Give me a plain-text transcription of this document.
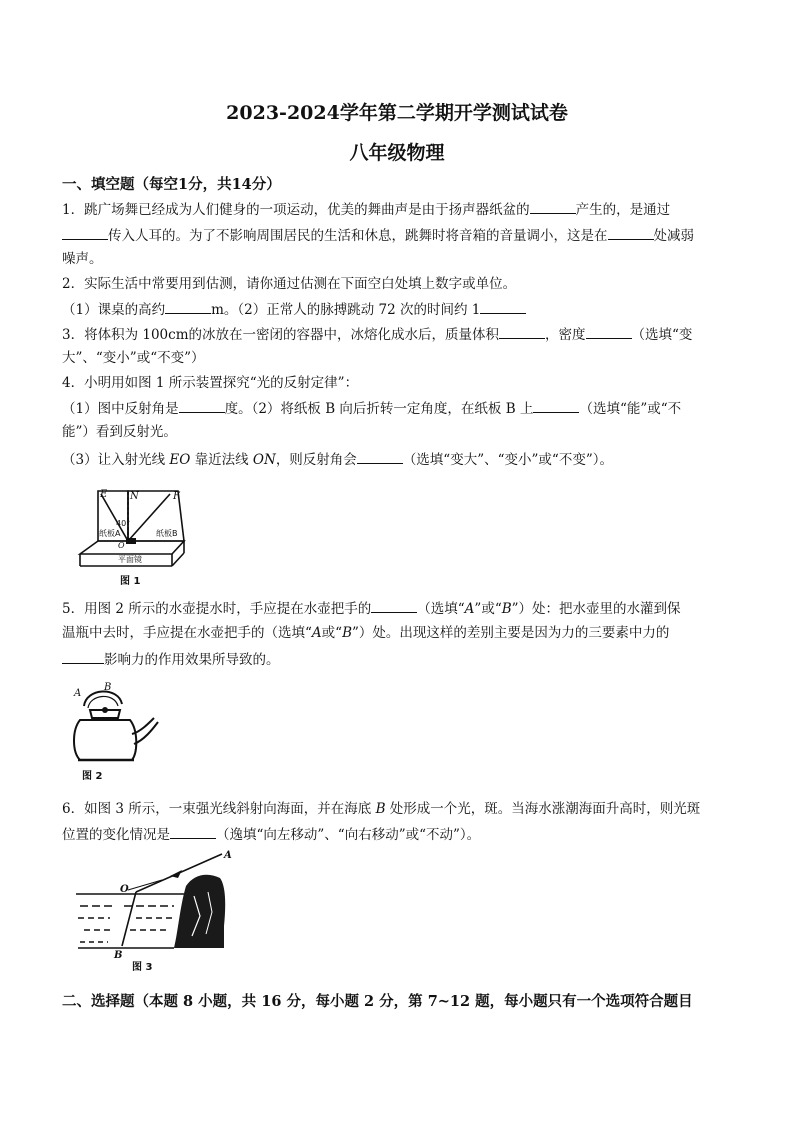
2023-2024学年第二学期开学测试试卷
八年级物理
一、填空题（每空1分，共14分）
1．跳广场舞已经成为人们健身的一项运动，优美的舞曲声是由于扬声器纸盆的	产生的，是通过
传入人耳的。为了不影响周围居民的生活和休息，跳舞时将音箱的音量调小，这是在	处减弱
噪声。
2．实际生活中常要用到估测，请你通过估测在下面空白处填上数字或单位。
（1）课桌的高约	m。（2）正常人的脉搏跳动 72 次的时间约 1
3．将体积为 100cm的冰放在一密闭的容器中，冰熔化成水后，质量体积	，密度	（选填“变
大”、“变小”或“不变”）
4．小明用如图 1 所示装置探究“光的反射定律”：
（1）图中反射角是	度。（2）将纸板 B 向后折转一定角度，在纸板 B 上	（选填“能”或“不
能”）看到反射光。
（3）让入射光线 EO 靠近法线 ON，则反射角会	（选填“变大”、“变小”或“不变”）。
E N	F
O
40°
纸板A	纸板B
平面镜
图 1
5．用图 2 所示的水壶提水时，手应提在水壶把手的	（选填“A”或“B”）处：把水壶里的水灌到保
温瓶中去时，手应提在水壶把手的（选填“A或“B”）处。出现这样的差别主要是因为力的三要素中力的
影响力的作用效果所导致的。
A
B
图 2
6．如图 3 所示，一束强光线斜射向海面，并在海底 B 处形成一个光，斑。当海水涨潮海面升高时，则光斑
位置的变化情况是	（逸填“向左移动”、“向右移动”或“不动”）。
A
O
B
图 3
二、选择题（本题 8 小题，共 16 分，每小题 2 分，第 7~12 题，每小题只有一个选项符合题目
